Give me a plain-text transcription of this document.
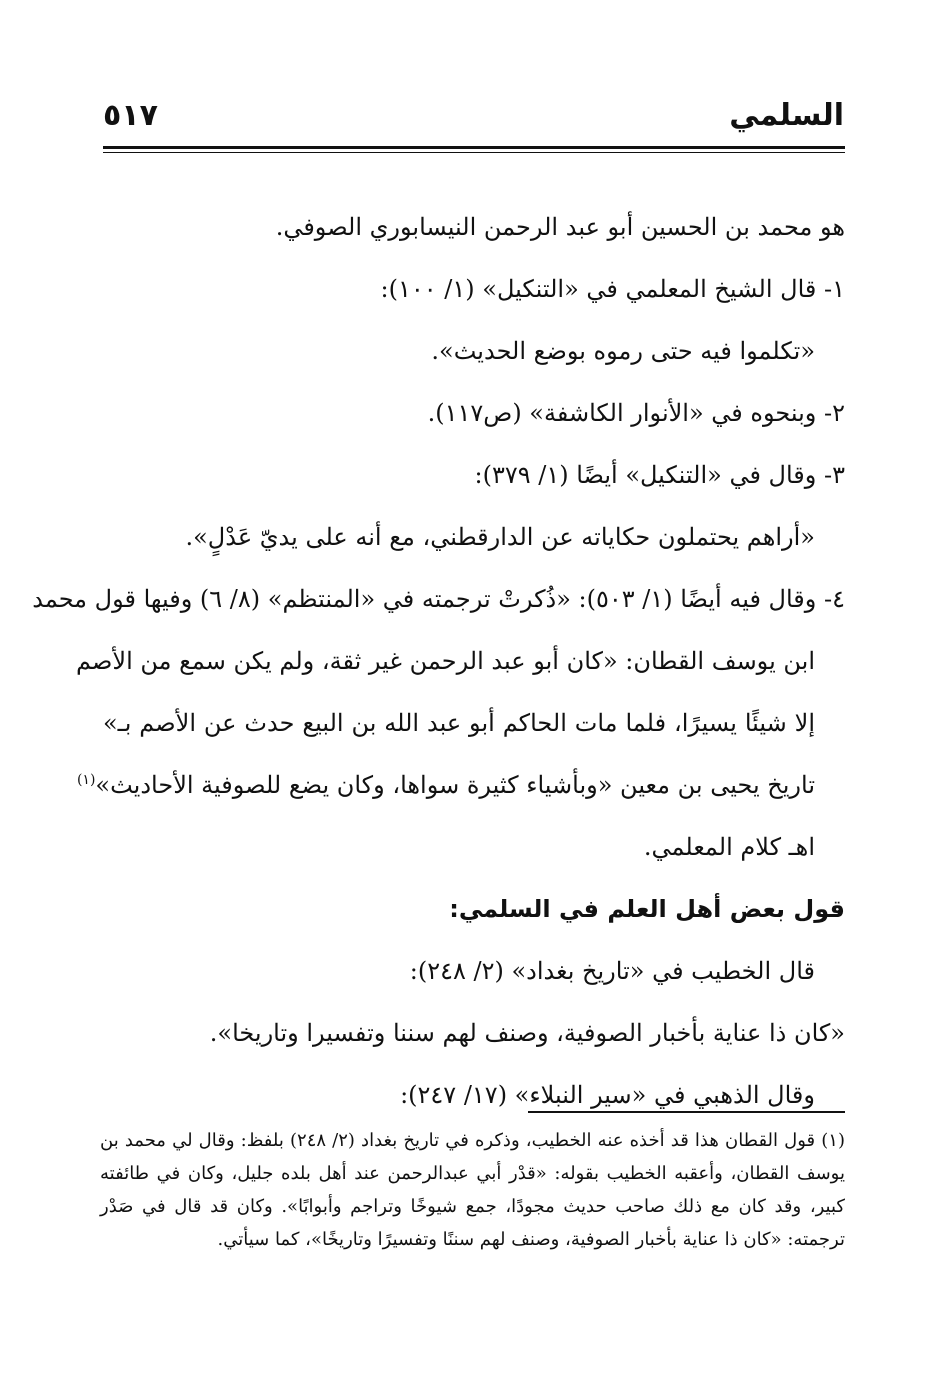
السلمي
٥١٧
هو محمد بن الحسين أبو عبد الرحمن النيسابوري الصوفي.
١- قال الشيخ المعلمي في «التنكيل» (١/ ١٠٠):
«تكلموا فيه حتى رموه بوضع الحديث».
٢- وبنحوه في «الأنوار الكاشفة» (ص١١٧).
٣- وقال في «التنكيل» أيضًا (١/ ٣٧٩):
«أراهم يحتملون حكاياته عن الدارقطني، مع أنه على يديّ عَدْلٍ».
٤- وقال فيه أيضًا (١/ ٥٠٣): «ذُكرتْ ترجمته في «المنتظم» (٨/ ٦) وفيها قول محمد
ابن يوسف القطان: «كان أبو عبد الرحمن غير ثقة، ولم يكن سمع من الأصم
إلا شيئًا يسيرًا، فلما مات الحاكم أبو عبد الله بن البيع حدث عن الأصم بـ»
تاريخ يحيى بن معين «وبأشياء كثيرة سواها، وكان يضع للصوفية الأحاديث»$^{(١)}$
اهـ كلام المعلمي.
قول بعض أهل العلم في السلمي:
قال الخطيب في «تاريخ بغداد» (٢/ ٢٤٨):
«كان ذا عناية بأخبار الصوفية، وصنف لهم سننا وتفسيرا وتاريخا».
وقال الذهبي في «سير النبلاء» (١٧/ ٢٤٧):
(١) قول القطان هذا قد أخذه عنه الخطيب، وذكره في تاريخ بغداد (٢/ ٢٤٨) بلفظ: وقال لي محمد بن
يوسف القطان، وأعقبه الخطيب بقوله: «قدْر أبي عبدالرحمن عند أهل بلده جليل، وكان في طائفته
كبير، وقد كان مع ذلك صاحب حديث مجودًا، جمع شيوخًا وتراجم وأبوابًا». وكان قد قال في صَدْر
ترجمته: «كان ذا عناية بأخبار الصوفية، وصنف لهم سننًا وتفسيرًا وتاريخًا»، كما سيأتي.
